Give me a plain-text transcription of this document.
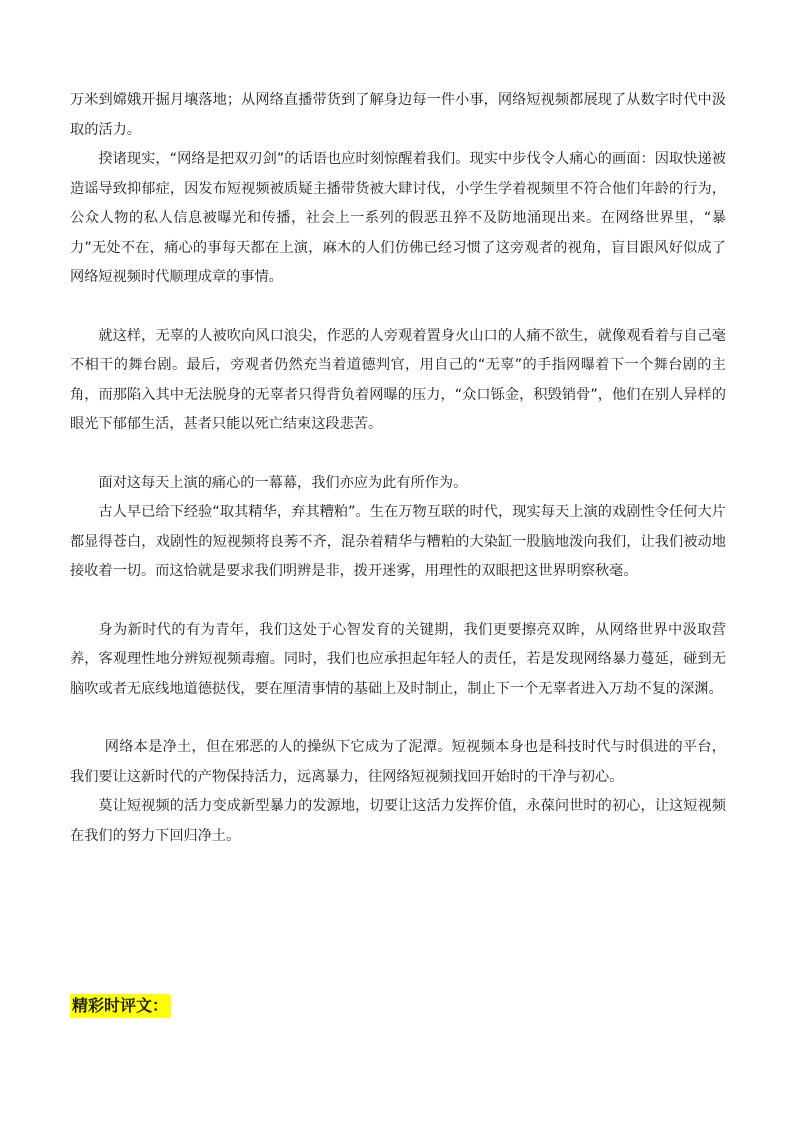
万米到嫦娥开掘月壤落地；从网络直播带货到了解身边每一件小事，网络短视频都展现了从数字时代中汲取的活力。

揆诸现实，“网络是把双刃剑”的话语也应时刻惊醒着我们。现实中步伐令人痛心的画面：因取快递被造谣导致抑郁症，因发布短视频被质疑主播带货被大肆讨伐，小学生学着视频里不符合他们年龄的行为，公众人物的私人信息被曝光和传播，社会上一系列的假恶丑猝不及防地涌现出来。在网络世界里，“暴力”无处不在，痛心的事每天都在上演，麻木的人们仿佛已经习惯了这旁观者的视角，盲目跟风好似成了网络短视频时代顺理成章的事情。

就这样，无辜的人被吹向风口浪尖，作恶的人旁观着置身火山口的人痛不欲生，就像观看着与自己毫不相干的舞台剧。最后，旁观者仍然充当着道德判官，用自己的“无辜”的手指网曝着下一个舞台剧的主角，而那陷入其中无法脱身的无辜者只得背负着网曝的压力，“众口铄金，积毁销骨”，他们在别人异样的眼光下郁郁生活，甚者只能以死亡结束这段悲苦。

面对这每天上演的痛心的一幕幕，我们亦应为此有所作为。

古人早已给下经验“取其精华，弃其糟粕”。生在万物互联的时代，现实每天上演的戏剧性令任何大片都显得苍白，戏剧性的短视频将良莠不齐，混杂着精华与糟粕的大染缸一股脑地泼向我们，让我们被动地接收着一切。而这恰就是要求我们明辨是非，拨开迷雾，用理性的双眼把这世界明察秋毫。

身为新时代的有为青年，我们这处于心智发育的关键期，我们更要擦亮双眸，从网络世界中汲取营养，客观理性地分辨短视频毒瘤。同时，我们也应承担起年轻人的责任，若是发现网络暴力蔓延，碰到无脑吹或者无底线地道德挞伐，要在厘清事情的基础上及时制止，制止下一个无辜者进入万劫不复的深渊。

网络本是净土，但在邪恶的人的操纵下它成为了泥潭。短视频本身也是科技时代与时俱进的平台，我们要让这新时代的产物保持活力，远离暴力，往网络短视频找回开始时的干净与初心。

莫让短视频的活力变成新型暴力的发源地，切要让这活力发挥价值，永葆问世时的初心，让这短视频在我们的努力下回归净土。

精彩时评文：
